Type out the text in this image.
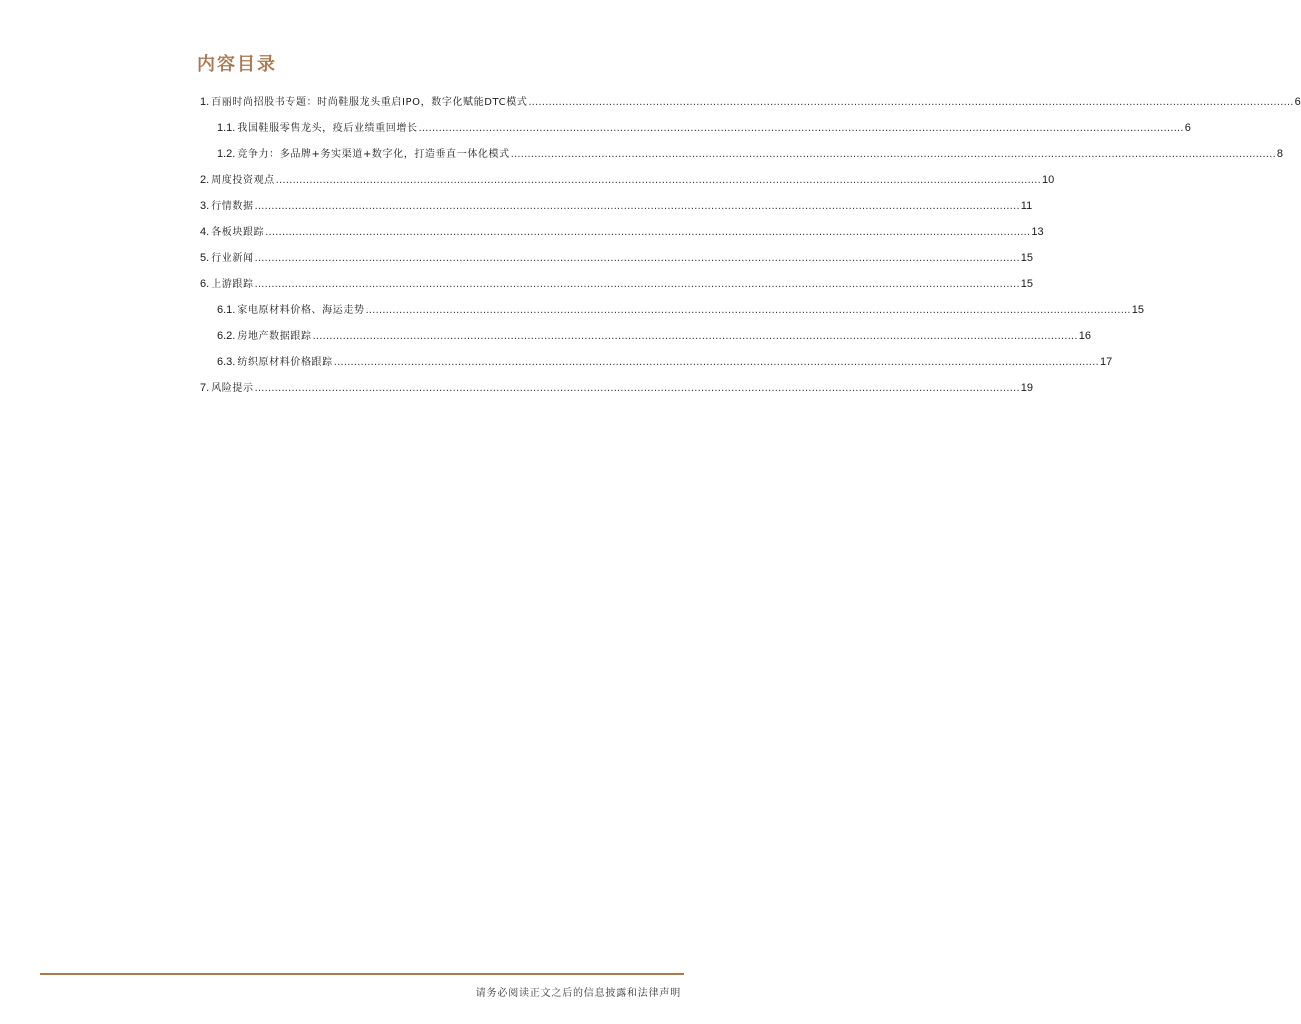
内容目录
1. 百丽时尚招股书专题：时尚鞋服龙头重启IPO，数字化赋能DTC模式 .....	6
1.1. 我国鞋服零售龙头，疫后业绩重回增长 .....	6
1.2. 竞争力：多品牌+务实渠道+数字化，打造垂直一体化模式 .....	8
2. 周度投资观点 .....	10
3. 行情数据 .....	11
4. 各板块跟踪 .....	13
5. 行业新闻 .....	15
6. 上游跟踪 .....	15
6.1. 家电原材料价格、海运走势 .....	15
6.2. 房地产数据跟踪 .....	16
6.3. 纺织原材料价格跟踪 .....	17
7. 风险提示 .....	19
请务必阅读正文之后的信息披露和法律声明
